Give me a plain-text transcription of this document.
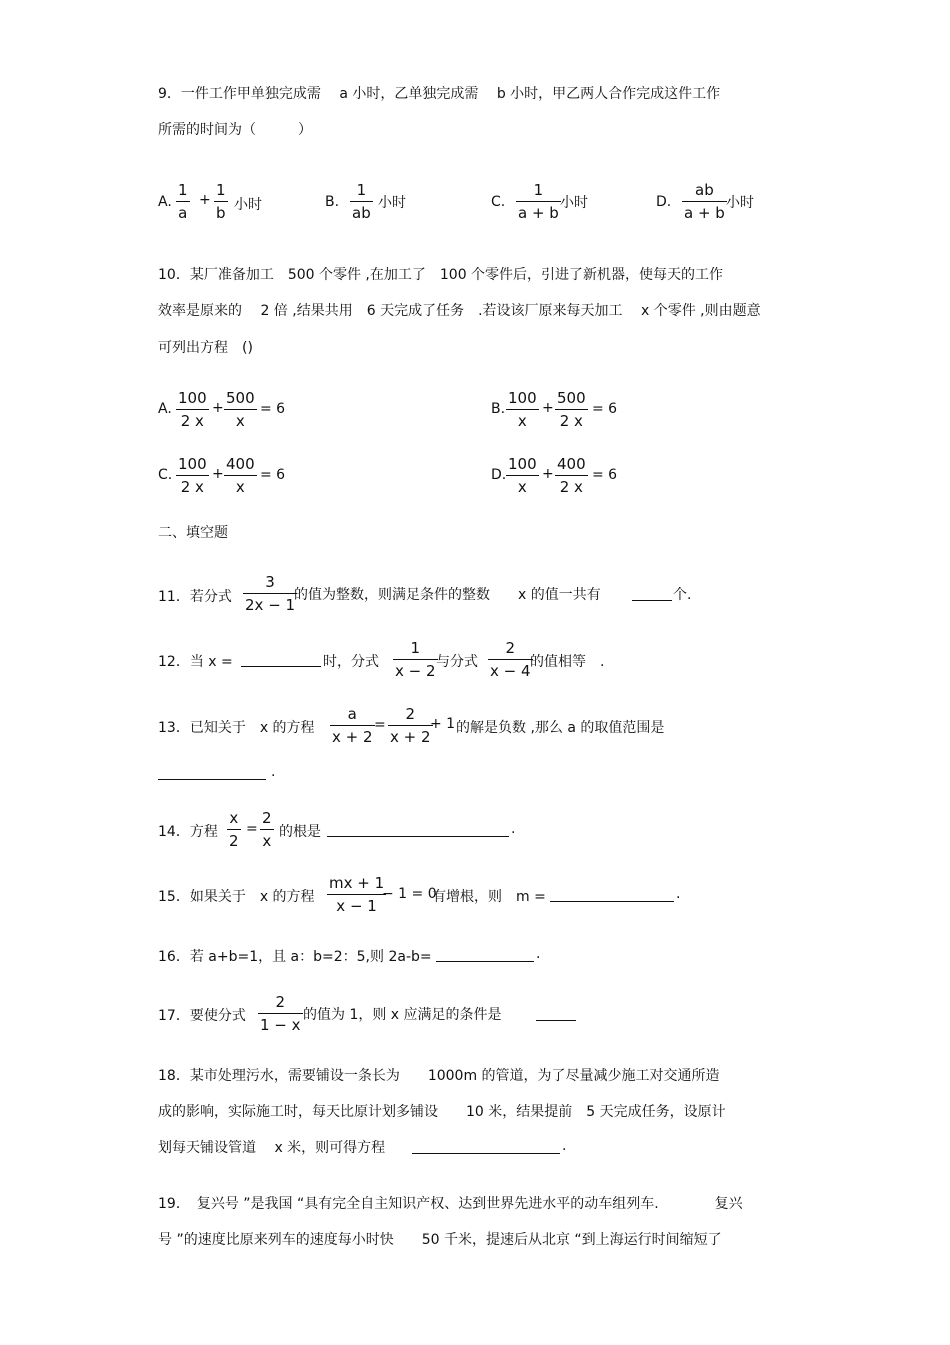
9．一件工作甲单独完成需　 a 小时，乙单独完成需　 b 小时，甲乙两人合作完成这件工作
所需的时间为（　　　）
A.
1
a
+
1
b 小时	B.
1
ab
小时	C.
1
a + b
小时	D.
ab
a + b
小时
10．某厂准备加工　500 个零件 ,在加工了　100 个零件后，引进了新机器，使每天的工作
效率是原来的　 2 倍 ,结果共用　6 天完成了任务　.若设该厂原来每天加工　 x 个零件 ,则由题意
可列出方程　()
A.
100
2 x
+
500
x
= 6	B.
100
x
+
500
2 x
= 6
C.
100
2 x
+
400
x
= 6	D.
100
x
+
400
2 x
= 6
二、填空题
11．若分式
3
2x − 1
的值为整数，则满足条件的整数　　x 的值一共有	个.
12．当 x =	时，分式
1
x − 2 与分式
2
x − 4 的值相等　.
13．已知关于　x 的方程
a
x + 2
=
2
x + 2
+ 1 的解是负数 ,那么 a 的取值范围是
.
14．方程
x
2
=
2
x 的根是	.
15．如果关于　x 的方程
mx + 1
x − 1
− 1 = 0
有增根，则　m =	.
16．若 a+b=1，且 a：b=2：5,则 2a-b=	.
17．要使分式
2
1 − x
的值为 1，则 x 应满足的条件是
18．某市处理污水，需要铺设一条长为　　1000m 的管道，为了尽量减少施工对交通所造
成的影响，实际施工时，每天比原计划多铺设　　10 米，结果提前　5 天完成任务，设原计
划每天铺设管道　 x 米，则可得方程	.
19．　复兴号 ”是我国 “具有完全自主知识产权、达到世界先进水平的动车组列车.　　　　复兴
号 ”的速度比原来列车的速度每小时快　　50 千米，提速后从北京 “到上海运行时间缩短了
